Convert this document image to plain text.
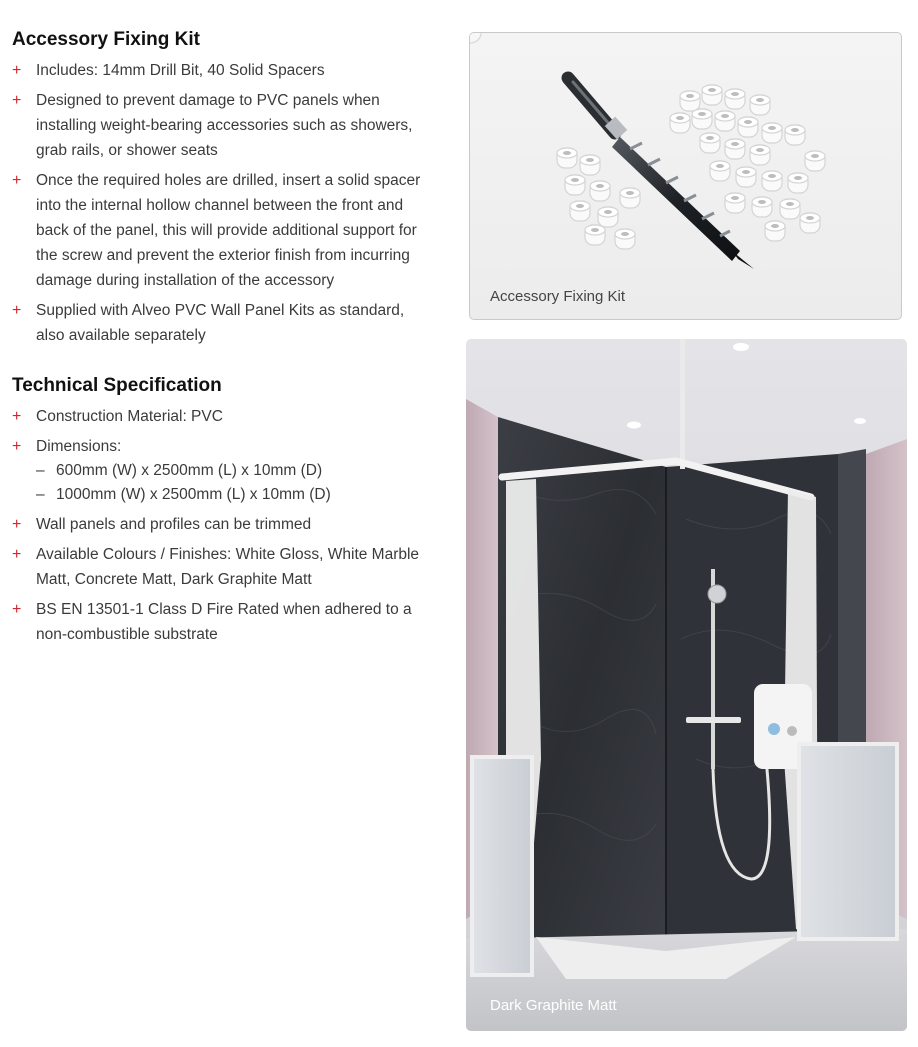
Accessory Fixing Kit
+ Includes: 14mm Drill Bit, 40 Solid Spacers
+ Designed to prevent damage to PVC panels when installing weight-bearing accessories such as showers, grab rails, or shower seats
+ Once the required holes are drilled, insert a solid spacer into the internal hollow channel between the front and back of the panel, this will provide additional support for the screw and prevent the exterior finish from incurring damage during installation of the accessory
+ Supplied with Alveo PVC Wall Panel Kits as standard, also available separately
Technical Specification
+ Construction Material: PVC
+ Dimensions:
– 600mm (W) x 2500mm (L) x 10mm (D)
– 1000mm (W) x 2500mm (L) x 10mm (D)
+ Wall panels and profiles can be trimmed
+ Available Colours / Finishes: White Gloss, White Marble Matt, Concrete Matt, Dark Graphite Matt
+ BS EN 13501-1 Class D Fire Rated when adhered to a non-combustible substrate
Accessory Fixing Kit
Dark Graphite Matt
